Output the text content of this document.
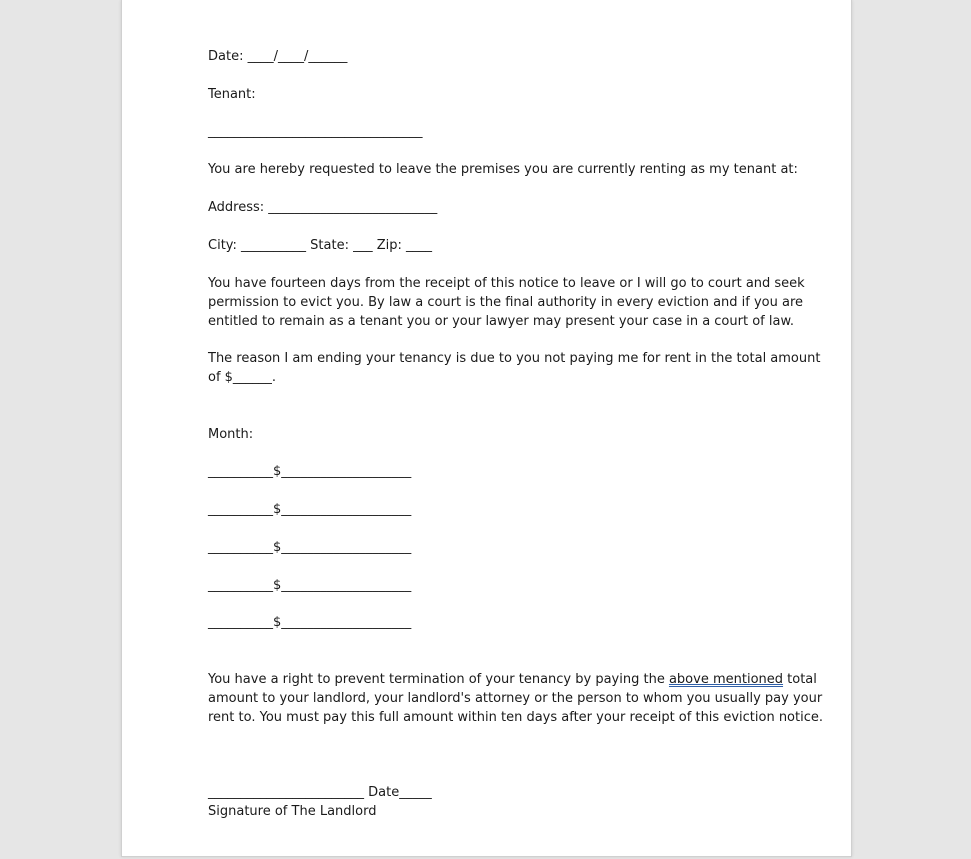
Date: ____/____/______
Tenant:
_________________________________
You are hereby requested to leave the premises you are currently renting as my tenant at:
Address: __________________________
City: __________ State: ___ Zip: ____
You have fourteen days from the receipt of this notice to leave or I will go to court and seek
permission to evict you. By law a court is the final authority in every eviction and if you are
entitled to remain as a tenant you or your lawyer may present your case in a court of law.
The reason I am ending your tenancy is due to you not paying me for rent in the total amount
of $______.
Month:
__________$____________________
__________$____________________
__________$____________________
__________$____________________
__________$____________________
You have a right to prevent termination of your tenancy by paying the above mentioned total
amount to your landlord, your landlord's attorney or the person to whom you usually pay your
rent to. You must pay this full amount within ten days after your receipt of this eviction notice.
________________________ Date_____
Signature of The Landlord
